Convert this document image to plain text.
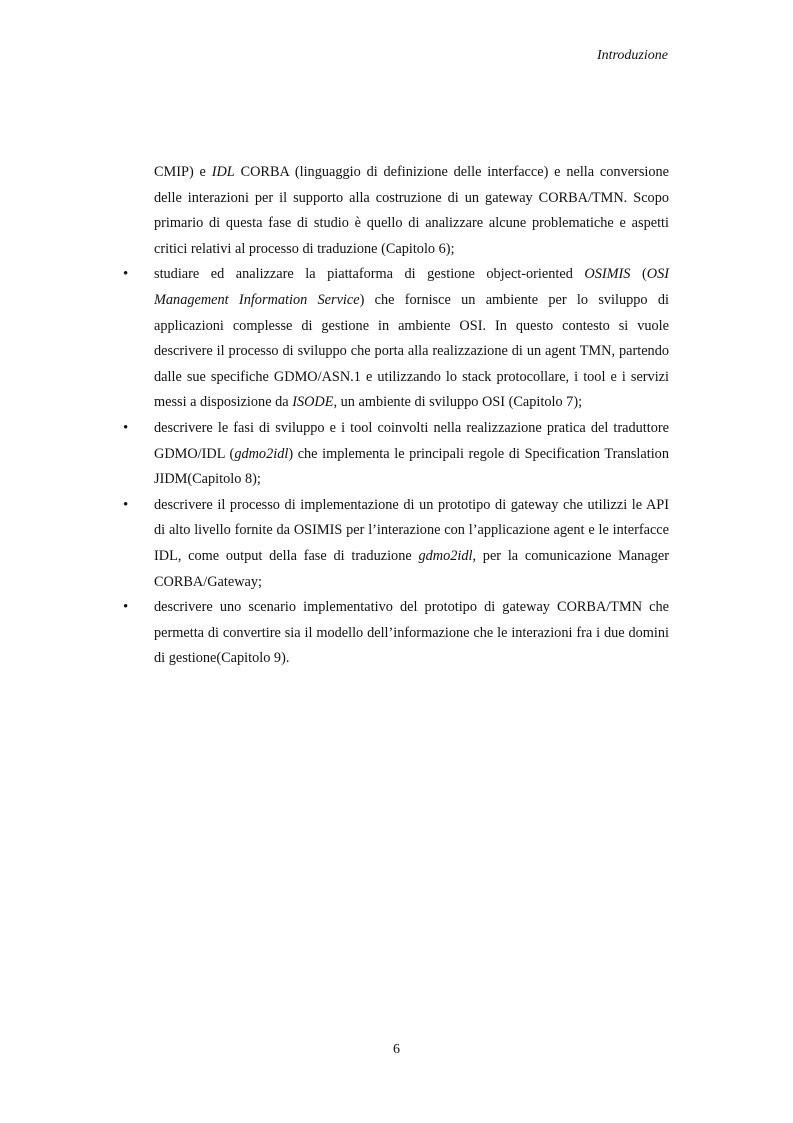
Introduzione

CMIP) e IDL CORBA (linguaggio di definizione delle interfacce) e nella conversione delle interazioni per il supporto alla costruzione di un gateway CORBA/TMN. Scopo primario di questa fase di studio è quello di analizzare alcune problematiche e aspetti critici relativi al processo di traduzione (Capitolo 6);

• studiare ed analizzare la piattaforma di gestione object-oriented OSIMIS (OSI Management Information Service) che fornisce un ambiente per lo sviluppo di applicazioni complesse di gestione in ambiente OSI. In questo contesto si vuole descrivere il processo di sviluppo che porta alla realizzazione di un agent TMN, partendo dalle sue specifiche GDMO/ASN.1 e utilizzando lo stack protocollare, i tool e i servizi messi a disposizione da ISODE, un ambiente di sviluppo OSI (Capitolo 7);
• descrivere le fasi di sviluppo e i tool coinvolti nella realizzazione pratica del traduttore GDMO/IDL (gdmo2idl) che implementa le principali regole di Specification Translation JIDM(Capitolo 8);
• descrivere il processo di implementazione di un prototipo di gateway che utilizzi le API di alto livello fornite da OSIMIS per l’interazione con l’applicazione agent e le interfacce IDL, come output della fase di traduzione gdmo2idl, per la comunicazione Manager CORBA/Gateway;
• descrivere uno scenario implementativo del prototipo di gateway CORBA/TMN che permetta di convertire sia il modello dell’informazione che le interazioni fra i due domini di gestione(Capitolo 9).
6
